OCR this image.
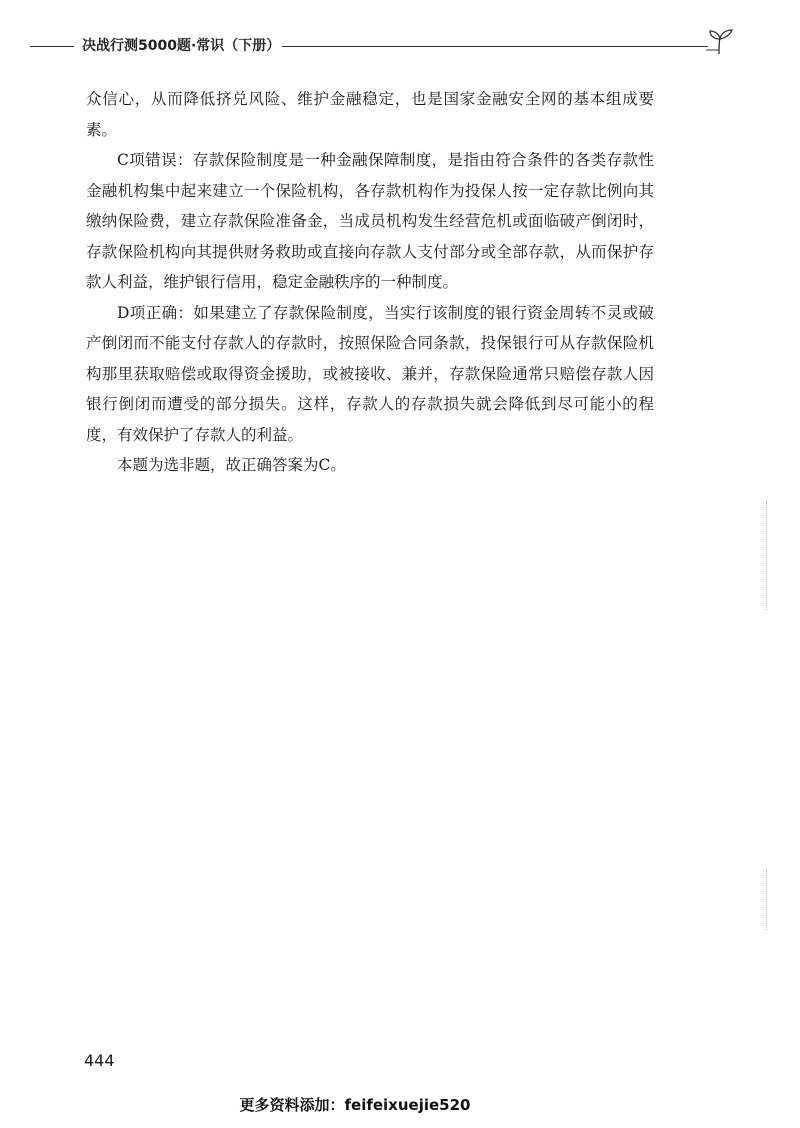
决战行测5000题·常识（下册）

众信心，从而降低挤兑风险、维护金融稳定，也是国家金融安全网的基本组成要素。

C项错误：存款保险制度是一种金融保障制度，是指由符合条件的各类存款性金融机构集中起来建立一个保险机构，各存款机构作为投保人按一定存款比例向其缴纳保险费，建立存款保险准备金，当成员机构发生经营危机或面临破产倒闭时，存款保险机构向其提供财务救助或直接向存款人支付部分或全部存款，从而保护存款人利益，维护银行信用，稳定金融秩序的一种制度。

D项正确：如果建立了存款保险制度，当实行该制度的银行资金周转不灵或破产倒闭而不能支付存款人的存款时，按照保险合同条款，投保银行可从存款保险机构那里获取赔偿或取得资金援助，或被接收、兼并，存款保险通常只赔偿存款人因银行倒闭而遭受的部分损失。这样，存款人的存款损失就会降低到尽可能小的程度，有效保护了存款人的利益。

本题为选非题，故正确答案为C。

444
更多资料添加：feifeixuejie520
